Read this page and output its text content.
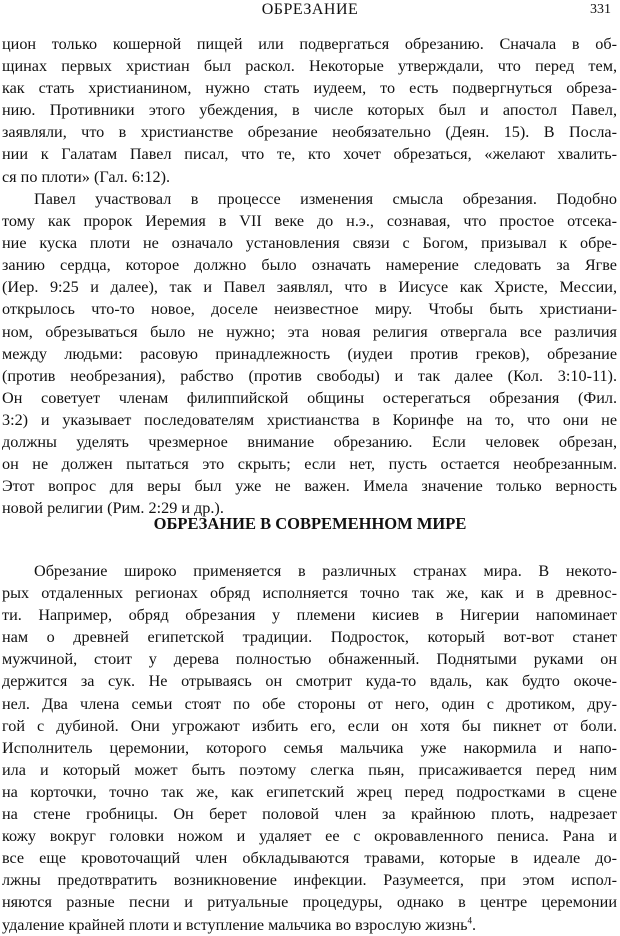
ОБРЕЗАНИЕ	331
цион только кошерной пищей или подвергаться обрезанию. Сначала в об-
щинах первых христиан был раскол. Некоторые утверждали, что перед тем,
как стать христианином, нужно стать иудеем, то есть подвергнуться обреза-
нию. Противники этого убеждения, в числе которых был и апостол Павел,
заявляли, что в христианстве обрезание необязательно (Деян. 15). В Посла-
нии к Галатам Павел писал, что те, кто хочет обрезаться, «желают хвалить-
ся по плоти» (Гал. 6:12).
Павел участвовал в процессе изменения смысла обрезания. Подобно
тому как пророк Иеремия в VII веке до н.э., сознавая, что простое отсека-
ние куска плоти не означало установления связи с Богом, призывал к обре-
занию сердца, которое должно было означать намерение следовать за Ягве
(Иер. 9:25 и далее), так и Павел заявлял, что в Иисусе как Христе, Мессии,
открылось что-то новое, доселе неизвестное миру. Чтобы быть христиани-
ном, обрезываться было не нужно; эта новая религия отвергала все различия
между людьми: расовую принадлежность (иудеи против греков), обрезание
(против необрезания), рабство (против свободы) и так далее (Кол. 3:10-11).
Он советует членам филиппийской общины остерегаться обрезания (Фил.
3:2) и указывает последователям христианства в Коринфе на то, что они не
должны уделять чрезмерное внимание обрезанию. Если человек обрезан,
он не должен пытаться это скрыть; если нет, пусть остается необрезанным.
Этот вопрос для веры был уже не важен. Имела значение только верность
новой религии (Рим. 2:29 и др.).
ОБРЕЗАНИЕ В СОВРЕМЕННОМ МИРЕ
Обрезание широко применяется в различных странах мира. В некото-
рых отдаленных регионах обряд исполняется точно так же, как и в древнос-
ти. Например, обряд обрезания у племени кисиев в Нигерии напоминает
нам о древней египетской традиции. Подросток, который вот-вот станет
мужчиной, стоит у дерева полностью обнаженный. Поднятыми руками он
держится за сук. Не отрываясь он смотрит куда-то вдаль, как будто окоче-
нел. Два члена семьи стоят по обе стороны от него, один с дротиком, дру-
гой с дубиной. Они угрожают избить его, если он хотя бы пикнет от боли.
Исполнитель церемонии, которого семья мальчика уже накормила и напо-
ила и который может быть поэтому слегка пьян, присаживается перед ним
на корточки, точно так же, как египетский жрец перед подростками в сцене
на стене гробницы. Он берет половой член за крайнюю плоть, надрезает
кожу вокруг головки ножом и удаляет ее с окровавленного пениса. Рана и
все еще кровоточащий член обкладываются травами, которые в идеале до-
лжны предотвратить возникновение инфекции. Разумеется, при этом испол-
няются разные песни и ритуальные процедуры, однако в центре церемонии
удаление крайней плоти и вступление мальчика во взрослую жизнь$^4$.
